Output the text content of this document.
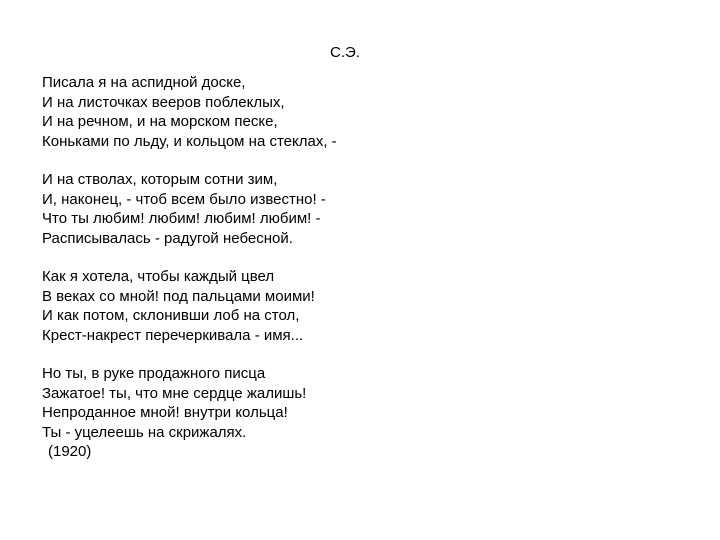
С.Э.
Писала я на аспидной доске,
И на листочках вееров поблеклых,
И на речном, и на морском песке,
Коньками по льду, и кольцом на стеклах, -
И на стволах, которым сотни зим,
И, наконец, - чтоб всем было известно! -
Что ты любим! любим! любим! любим! -
Расписывалась - радугой небесной.
Как я хотела, чтобы каждый цвел
В веках со мной! под пальцами моими!
И как потом, склонивши лоб на стол,
Крест-накрест перечеркивала - имя...
Но ты, в руке продажного писца
Зажатое! ты, что мне сердце жалишь!
Непроданное мной! внутри кольца!
Ты - уцелеешь на скрижалях.
(1920)
